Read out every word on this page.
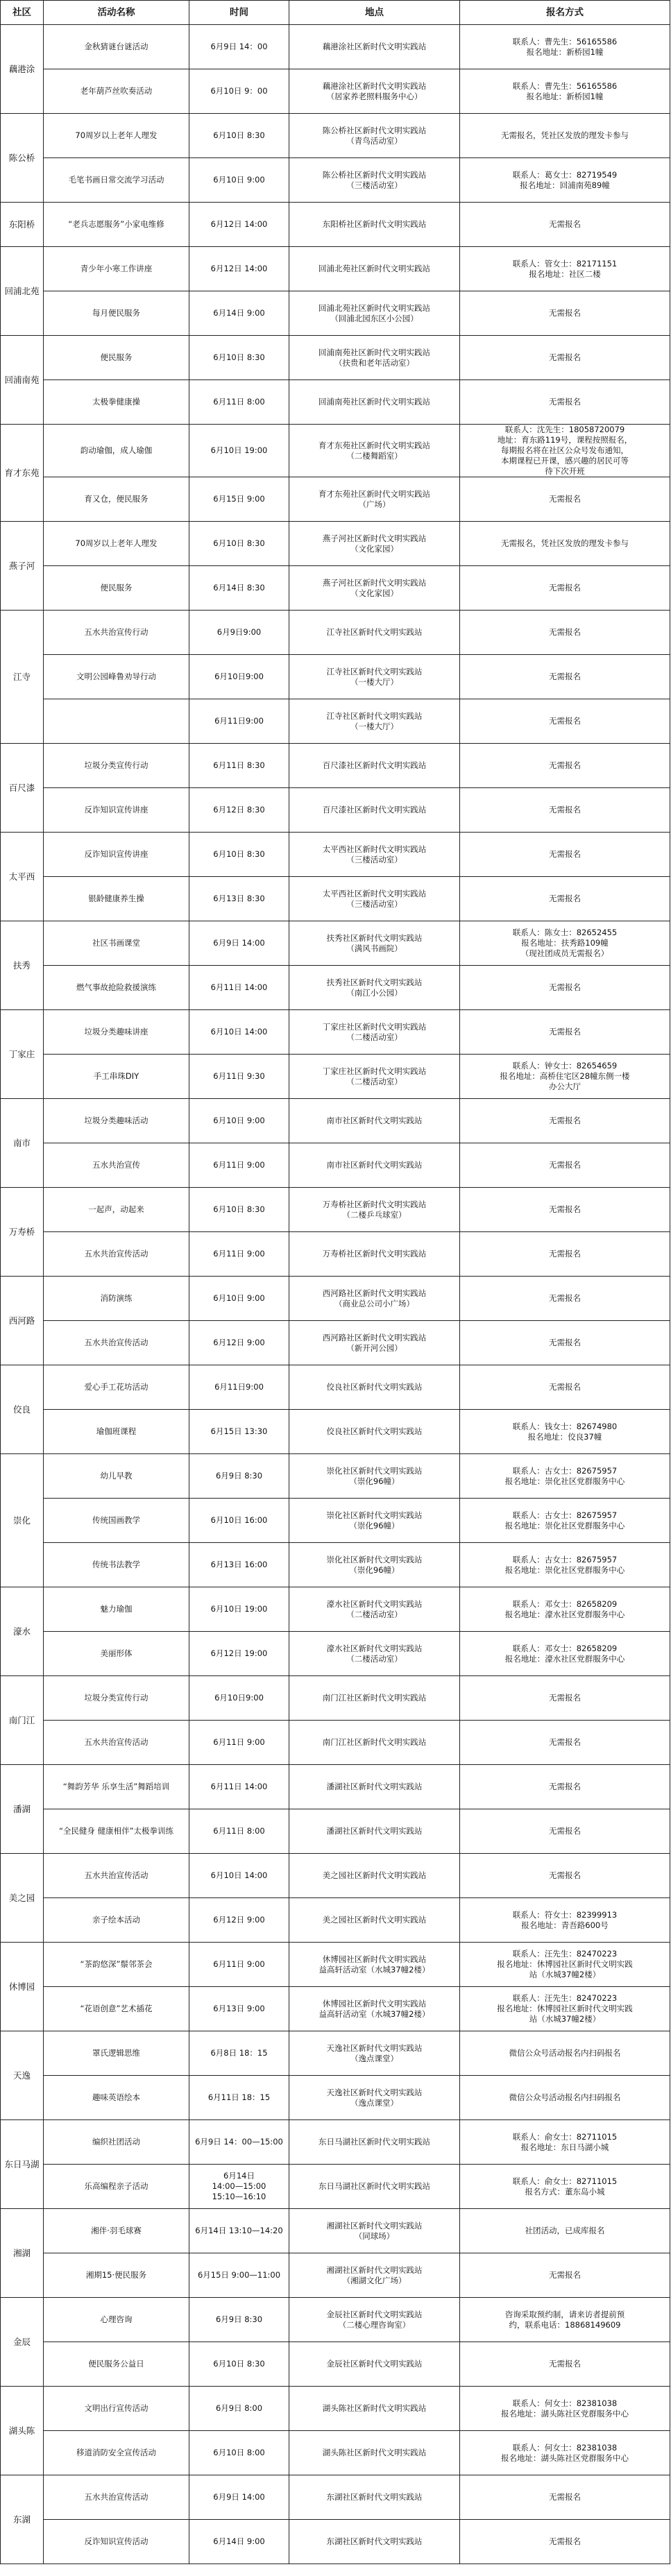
社区	活动名称	时间	地点	报名方式
藕港涂	金秋猜谜台谜活动	6月9日 14：00	藕港涂社区新时代文明实践站	联系人：曹先生：56165586
报名地址：新桥园1幢
	老年葫芦丝吹奏活动	6月10日 9：00	藕港涂社区新时代文明实践站
（居家养老照料服务中心）	联系人：曹先生：56165586
报名地址：新桥园1幢
陈公桥	70周岁以上老年人理发	6月10日 8:30	陈公桥社区新时代文明实践站
（青鸟活动室）	无需报名，凭社区发放的理发卡参与
	毛笔书画日常交流学习活动	6月10日 9:00	陈公桥社区新时代文明实践站
（三楼活动室）	联系人：葛女士：82719549
报名地址：回浦南苑89幢
东阳桥	“老兵志愿服务”小家电维修	6月12日 14:00	东阳桥社区新时代文明实践站	无需报名
回浦北苑	青少年小寒工作讲座	6月12日 14:00	回浦北苑社区新时代文明实践站	联系人：管女士：82171151
报名地址：社区二楼
	每月便民服务	6月14日 9:00	回浦北苑社区新时代文明实践站
（回浦北园东区小公园）	无需报名
回浦南苑	便民服务	6月10日 8:30	回浦南苑社区新时代文明实践站
（扶贵和老年活动室）	无需报名
	太极拳健康操	6月11日 8:00	回浦南苑社区新时代文明实践站	无需报名
育才东苑	韵动瑜伽，成人瑜伽	6月10日 19:00	育才东苑社区新时代文明实践站
（二楼舞蹈室）	联系人：沈先生：18058720079
地址：育东路119号，课程按照报名，
每期报名将在社区公众号发布通知，
本期课程已开课，感兴趣的居民可等
待下次开班
	育又仓，便民服务	6月15日 9:00	育才东苑社区新时代文明实践站
（广场）	无需报名
燕子河	70周岁以上老年人理发	6月10日 8:30	燕子河社区新时代文明实践站
（文化家园）	无需报名，凭社区发放的理发卡参与
	便民服务	6月14日 8:30	燕子河社区新时代文明实践站
（文化家园）	无需报名
江寺	五水共治宣传行动	6月9日9:00	江寺社区新时代文明实践站	无需报名
	文明公园峰鲁劝导行动	6月10日9:00	江寺社区新时代文明实践站
（一楼大厅）	无需报名
		6月11日9:00	江寺社区新时代文明实践站
（一楼大厅）	无需报名
百尺漆	垃圾分类宣传行动	6月11日 8:30	百尺漆社区新时代文明实践站	无需报名
	反诈知识宣传讲座	6月12日 8:30	百尺漆社区新时代文明实践站	无需报名
太平西	反诈知识宣传讲座	6月10日 8:30	太平西社区新时代文明实践站
（三楼活动室）	无需报名
	银龄健康养生操	6月13日 8:30	太平西社区新时代文明实践站
（三楼活动室）	无需报名
扶秀	社区书画课堂	6月9日 14:00	扶秀社区新时代文明实践站
（满风书画院）	联系人：陈女士：82652455
报名地址：扶秀路109幢
（现社团成员无需报名）
	燃气事故抢险救援演练	6月11日 14:00	扶秀社区新时代文明实践站
（南江小公园）	无需报名
丁家庄	垃圾分类趣味讲座	6月10日 14:00	丁家庄社区新时代文明实践站
（二楼活动室）	无需报名
	手工串珠DIY	6月11日 9:30	丁家庄社区新时代文明实践站
（二楼活动室）	联系人：钟女士：82654659
报名地址：高桥住宅区28幢东侧一楼
办公大厅
南市	垃圾分类趣味活动	6月10日 9:00	南市社区新时代文明实践站	无需报名
	五水共治宣传	6月11日 9:00	南市社区新时代文明实践站	无需报名
万寿桥	一起声，动起来	6月10日 8:30	万寿桥社区新时代文明实践站
（二楼乒乓球室）	无需报名
	五水共治宣传活动	6月11日 9:00	万寿桥社区新时代文明实践站	无需报名
西河路	消防演练	6月10日 9:00	西河路社区新时代文明实践站
（商业总公司小广场）	无需报名
	五水共治宣传活动	6月12日 9:00	西河路社区新时代文明实践站
（新开河公园）	无需报名
佼良	爱心手工花坊活动	6月11日9:00	佼良社区新时代文明实践站	无需报名
	瑜伽班课程	6月15日 13:30	佼良社区新时代文明实践站	联系人：钱女士：82674980
报名地址：佼良37幢
崇化	幼儿早教	6月9日 8:30	崇化社区新时代文明实践站
（崇化96幢）	联系人：古女士：82675957
报名地址：崇化社区党群服务中心
	传统国画教学	6月10日 16:00	崇化社区新时代文明实践站
（崇化96幢）	联系人：古女士：82675957
报名地址：崇化社区党群服务中心
	传统书法教学	6月13日 16:00	崇化社区新时代文明实践站
（崇化96幢）	联系人：古女士：82675957
报名地址：崇化社区党群服务中心
濠水	魅力瑜伽	6月10日 19:00	濠水社区新时代文明实践站
（二楼活动室）	联系人：邓女士：82658209
报名地址：濠水社区党群服务中心
	美丽形体	6月12日 19:00	濠水社区新时代文明实践站
（二楼活动室）	联系人：邓女士：82658209
报名地址：濠水社区党群服务中心
南门江	垃圾分类宣传行动	6月10日9:00	南门江社区新时代文明实践站	无需报名
	五水共治宣传活动	6月11日 9:00	南门江社区新时代文明实践站	无需报名
潘湖	“舞韵芳华 乐享生活”舞蹈培训	6月11日 14:00	潘湖社区新时代文明实践站	无需报名
	“全民健身 健康相伴”太极拳训练	6月11日 8:00	潘湖社区新时代文明实践站	无需报名
美之园	五水共治宣传活动	6月10日 14:00	美之园社区新时代文明实践站	无需报名
	亲子绘本活动	6月12日 9:00	美之园社区新时代文明实践站	联系人：符女士：82399913
报名地址：青吾路600号
休博园	“茶韵悠深”鬃邻茶会	6月11日 9:00	休博园社区新时代文明实践站
益高轩活动室（水城37幢2楼）	联系人：汪先生：82470223
报名地址：休博园社区新时代文明实践
站（水城37幢2楼）
	“花语创意”艺术插花	6月13日 9:00	休博园社区新时代文明实践站
益高轩活动室（水城37幢2楼）	联系人：汪先生：82470223
报名地址：休博园社区新时代文明实践
站（水城37幢2楼）
天逸	罩氏逻辑思维	6月8日 18：15	天逸社区新时代文明实践站
（逸点课堂）	微信公众号活动报名内扫码报名
	趣味英语绘本	6月11日 18：15	天逸社区新时代文明实践站
（逸点课堂）	微信公众号活动报名内扫码报名
东日马湖	编织社团活动	6月9日 14：00—15:00	东日马湖社区新时代文明实践站	联系人：俞女士：82711015
报名地址：东日马湖小城
	乐高编程亲子活动	6月14日
14:00—15:00
15:10—16:10	东日马湖社区新时代文明实践站	联系人：俞女士：82711015
报名方式：董东岛小城
湘湖	湘伴·羽毛球赛	6月14日 13:10—14:20	湘湖社区新时代文明实践站
（同球场）	社团活动，已成库报名
	湘期15·便民服务	6月15日 9:00—11:00	湘湖社区新时代文明实践站
（湘湖文化广场）	无需报名
金辰	心理咨询	6月9日 8:30	金辰社区新时代文明实践站
（二楼心理咨询室）	咨询采取预约制，请来访者提前预
约，联系电话：18868149609
	便民服务公益日	6月10日 8:30	金辰社区新时代文明实践站	无需报名
湖头陈	文明出行宣传活动	6月9日 8:00	湖头陈社区新时代文明实践站	联系人：何女士：82381038
报名地址：湖头陈社区党群服务中心
	移道消防安全宣传活动	6月10日 8:00	湖头陈社区新时代文明实践站	联系人：何女士：82381038
报名地址：湖头陈社区党群服务中心
东湖	五水共治宣传活动	6月9日 14:00	东湖社区新时代文明实践站	无需报名
	反诈知识宣传活动	6月14日 9:00	东湖社区新时代文明实践站	无需报名
